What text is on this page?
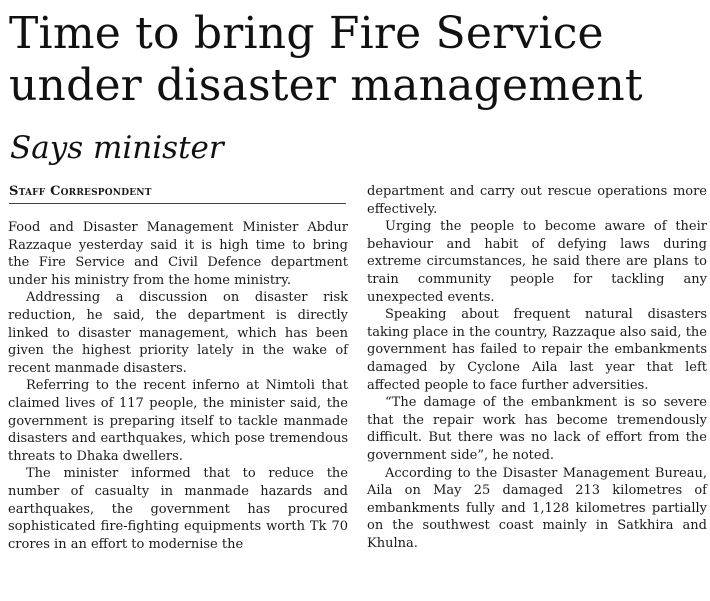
Time to bring Fire Service
under disaster management
Says minister
Staff Correspondent

Food and Disaster Management Minister Abdur Razzaque yesterday said it is high time to bring the Fire Service and Civil Defence department under his ministry from the home ministry.

Addressing a discussion on disaster risk reduction, he said, the department is directly linked to disaster management, which has been given the highest priority lately in the wake of recent manmade disasters.

Referring to the recent inferno at Nimtoli that claimed lives of 117 people, the minister said, the government is preparing itself to tackle manmade disasters and earthquakes, which pose tremendous threats to Dhaka dwellers.

The minister informed that to reduce the number of casualty in manmade hazards and earthquakes, the government has procured sophisticated fire-fighting equipments worth Tk 70 crores in an effort to modernise the

department and carry out rescue operations more effectively.

Urging the people to become aware of their behaviour and habit of defying laws during extreme circumstances, he said there are plans to train community people for tackling any unexpected events.

Speaking about frequent natural disasters taking place in the country, Razzaque also said, the government has failed to repair the embankments damaged by Cyclone Aila last year that left affected people to face further adversities.

“The damage of the embankment is so severe that the repair work has become tremendously difficult. But there was no lack of effort from the government side”, he noted.

According to the Disaster Management Bureau, Aila on May 25 damaged 213 kilometres of embankments fully and 1,128 kilometres partially on the southwest coast mainly in Satkhira and Khulna.
